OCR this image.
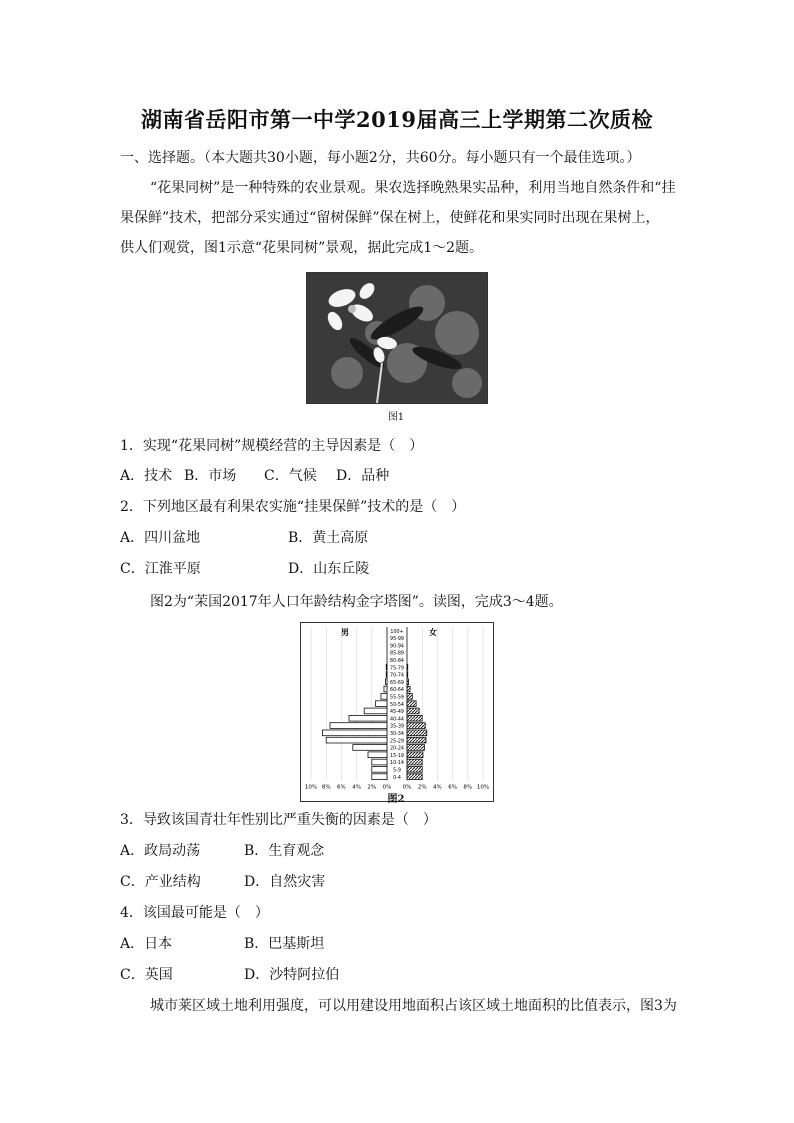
湖南省岳阳市第一中学2019届高三上学期第二次质检
一、选择题。（本大题共30小题，每小题2分，共60分。每小题只有一个最佳选项。）
“花果同树”是一种特殊的农业景观。果农选择晚熟果实品种，利用当地自然条件和“挂
果保鲜”技术，把部分采实通过“留树保鲜”保在树上，使鲜花和果实同时出现在果树上，
供人们观赏，图1示意“花果同树”景观，据此完成1～2题。
图1
1．实现“花果同树”规模经营的主导因素是（　）
A．技术 B．市场 C．气候 D．品种
2．下列地区最有利果农实施“挂果保鲜”技术的是（　）
A．四川盆地	B．黄土高原
C．江淮平原	D．山东丘陵
图2为“茉国2017年人口年龄结构金字塔图”。读图，完成3～4题。
100+
95-99
90-94
85-89
80-84
75-79
70-74
65-69
60-64
55-59
50-54
45-49
40-44
35-39
30-34
25-29
20-24
15-19
10-14
5-9
0-4
10% 8% 6% 4% 2% 0% 0% 2% 4% 6% 8% 10%
男	女
图2
3．导致该国青壮年性别比严重失衡的因素是（　）
A．政局动荡	B．生育观念
C．产业结构	D．自然灾害
4．该国最可能是（　）
A．日本	B．巴基斯坦
C．英国	D．沙特阿拉伯
城市莱区域土地利用强度，可以用建设用地面积占该区域土地面积的比值表示，图3为
